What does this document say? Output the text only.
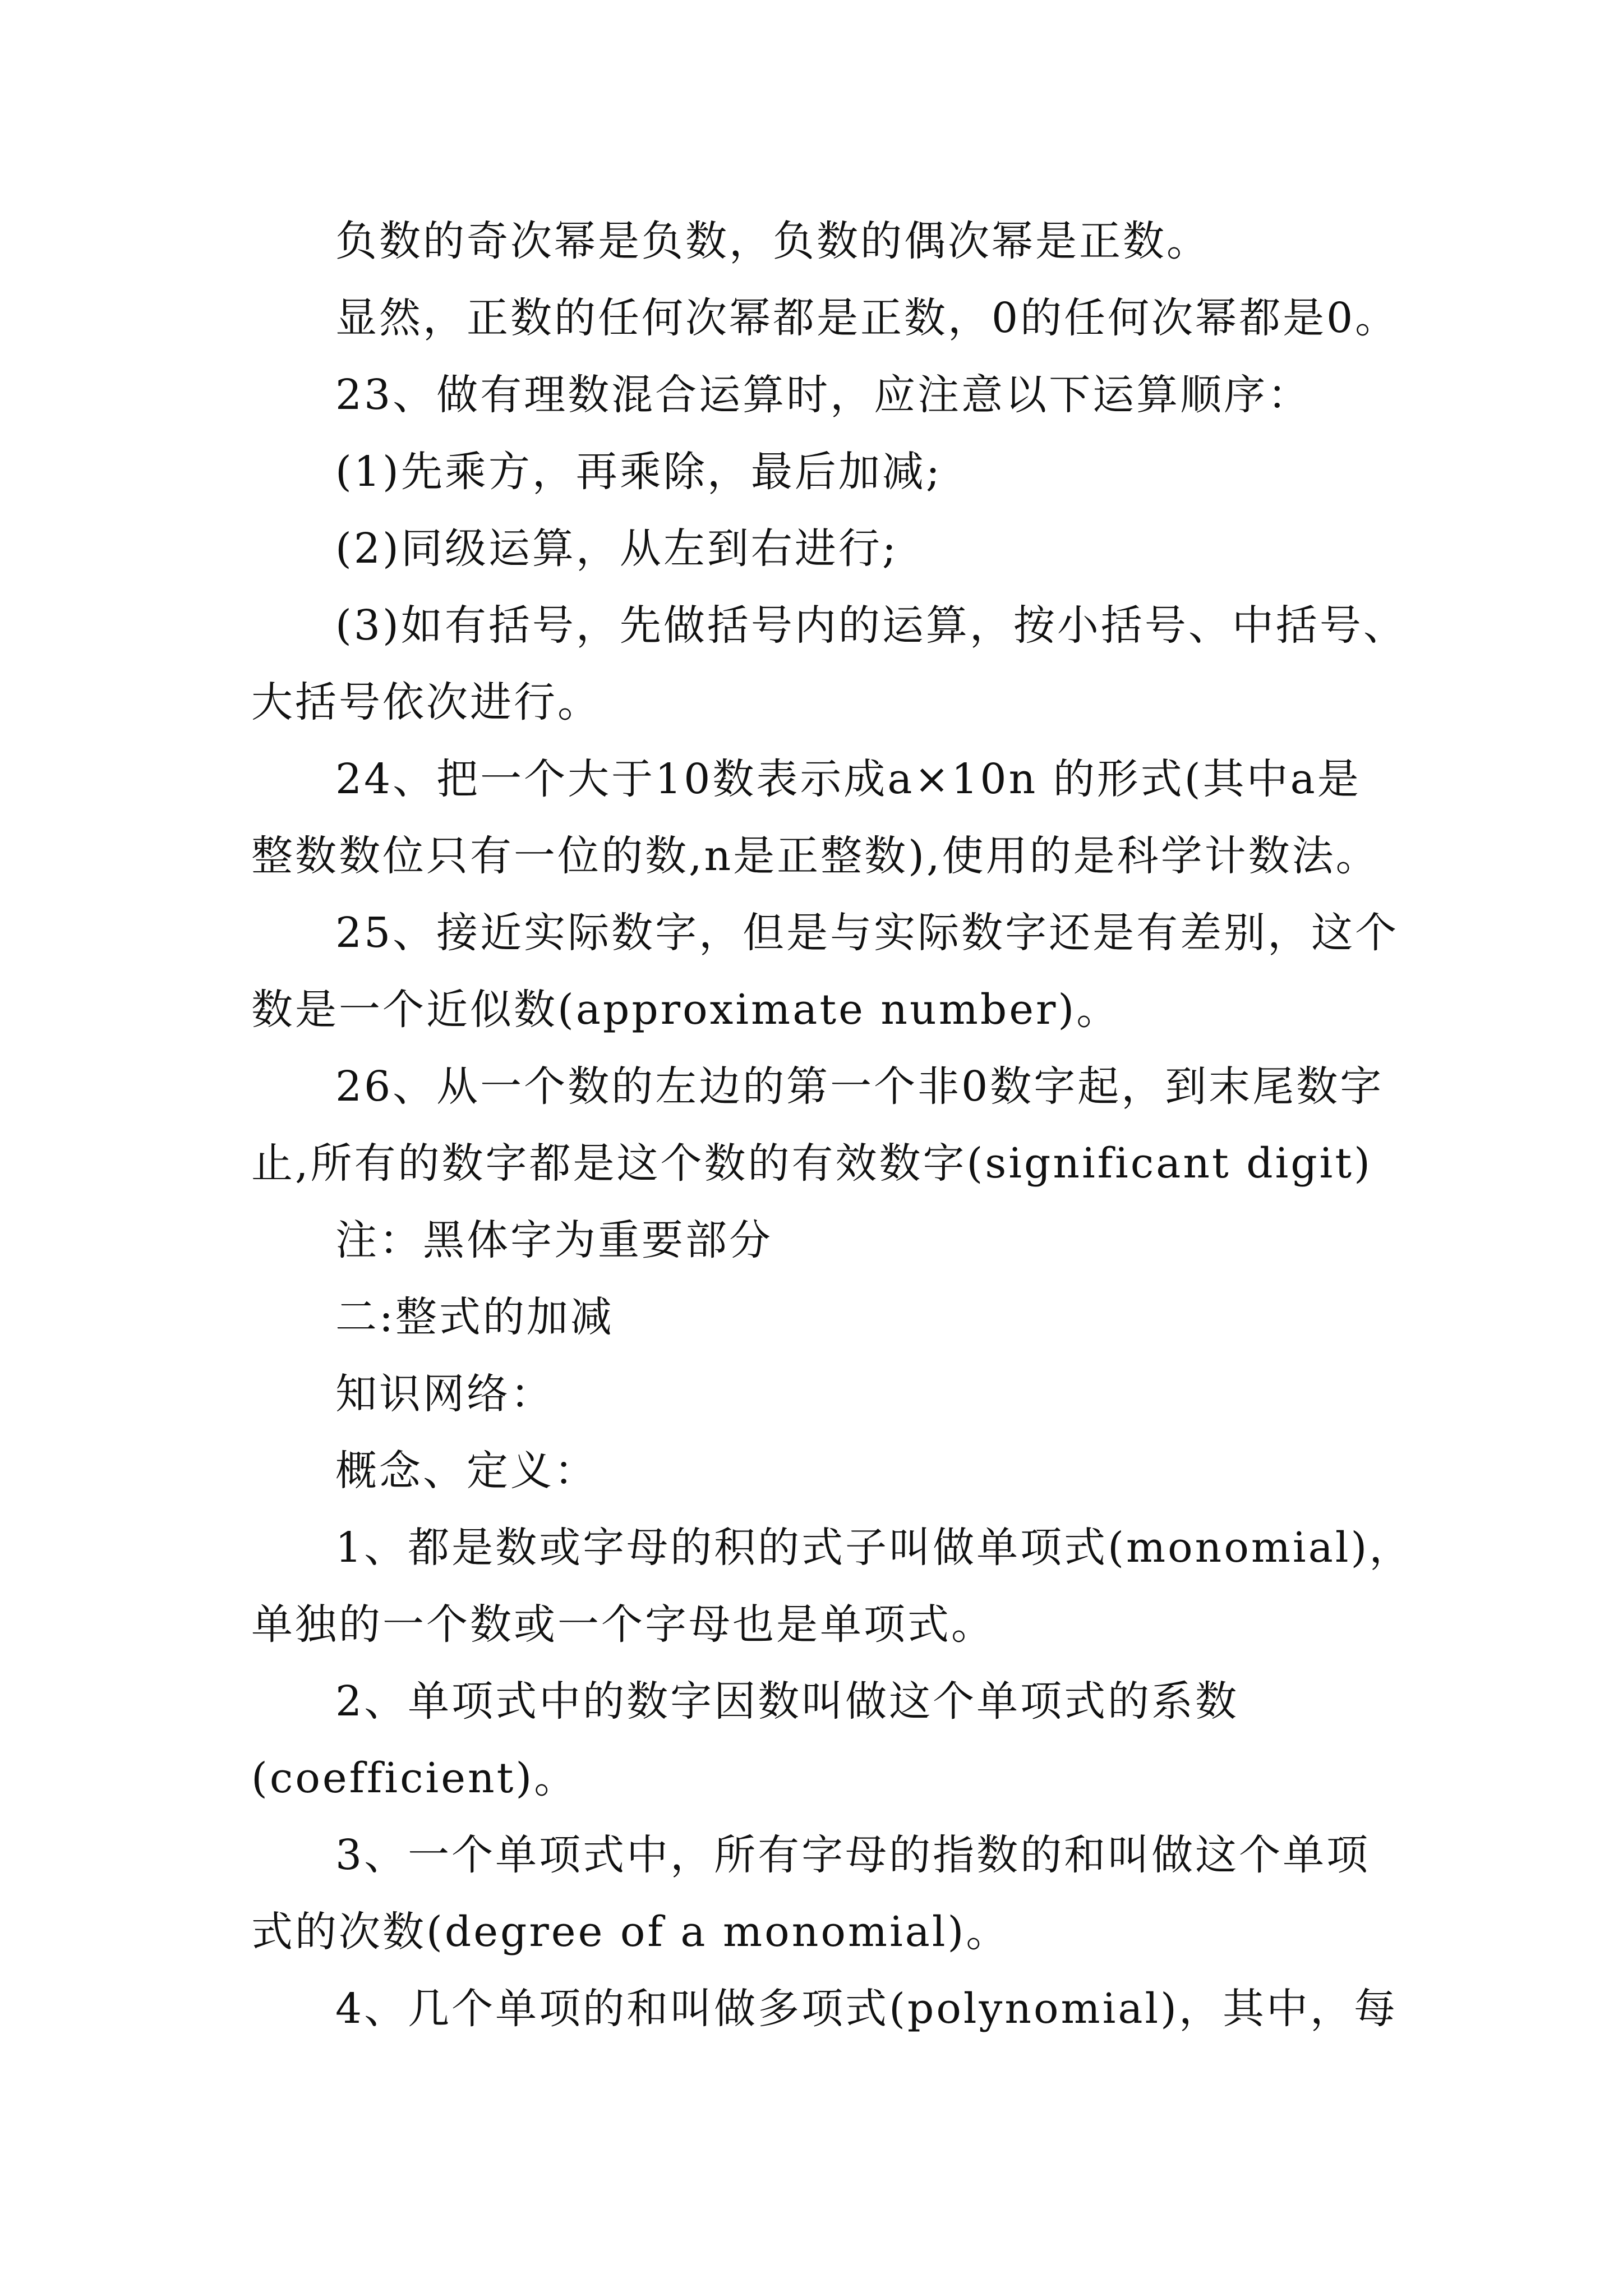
负数的奇次幂是负数，负数的偶次幂是正数。
显然，正数的任何次幂都是正数，0的任何次幂都是0。
23、做有理数混合运算时，应注意以下运算顺序：
(1)先乘方，再乘除，最后加减;
(2)同级运算，从左到右进行;
(3)如有括号，先做括号内的运算，按小括号、中括号、
大括号依次进行。
24、把一个大于10数表示成a×10n 的形式(其中a是
整数数位只有一位的数,n是正整数),使用的是科学计数法。
25、接近实际数字，但是与实际数字还是有差别，这个
数是一个近似数(approximate number)。
26、从一个数的左边的第一个非0数字起，到末尾数字
止,所有的数字都是这个数的有效数字(significant digit)
注：黑体字为重要部分
二:整式的加减
知识网络：
概念、定义：
1、都是数或字母的积的式子叫做单项式(monomial)，
单独的一个数或一个字母也是单项式。
2、单项式中的数字因数叫做这个单项式的系数
(coefficient)。
3、一个单项式中，所有字母的指数的和叫做这个单项
式的次数(degree of a monomial)。
4、几个单项的和叫做多项式(polynomial)，其中，每
